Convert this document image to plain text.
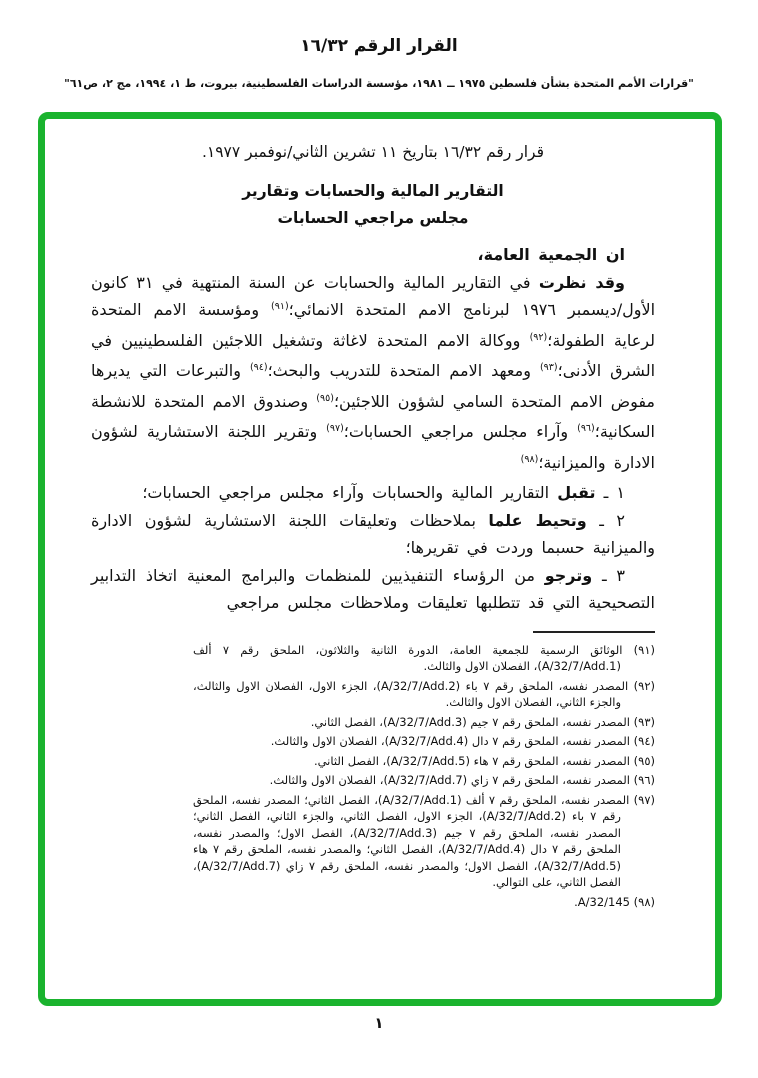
القرار الرقم ١٦/٣٢
"قرارات الأمم المتحدة بشأن فلسطين ١٩٧٥ ــ ١٩٨١، مؤسسة الدراسات الفلسطينية، بيروت، ط ١، ١٩٩٤، مج ٢، ص٦١"
قرار رقم ١٦/٣٢ بتاريخ ١١ تشرين الثاني/نوفمبر ١٩٧٧.
التقارير المالية والحسابات وتقارير
مجلس مراجعي الحسابات

ان الجمعية العامة،

وقد نظرت في التقارير المالية والحسابات عن السنة المنتهية في ٣١ كانون الأول/ديسمبر ١٩٧٦ لبرنامج الامم المتحدة الانمائي؛$^{(٩١)}$ ومؤسسة الامم المتحدة لرعاية الطفولة؛$^{(٩٢)}$ ووكالة الامم المتحدة لاغاثة وتشغيل اللاجئين الفلسطينيين في الشرق الأدنى؛$^{(٩٣)}$ ومعهد الامم المتحدة للتدريب والبحث؛$^{(٩٤)}$ والتبرعات التي يديرها مفوض الامم المتحدة السامي لشؤون اللاجئين؛$^{(٩٥)}$ وصندوق الامم المتحدة للانشطة السكانية؛$^{(٩٦)}$ وآراء مجلس مراجعي الحسابات؛$^{(٩٧)}$ وتقرير اللجنة الاستشارية لشؤون الادارة والميزانية؛$^{(٩٨)}$

١ ـ تقبل التقارير المالية والحسابات وآراء مجلس مراجعي الحسابات؛

٢ ـ وتحيط علما بملاحظات وتعليقات اللجنة الاستشارية لشؤون الادارة والميزانية حسبما وردت في تقريرها؛

٣ ـ وترجو من الرؤساء التنفيذيين للمنظمات والبرامج المعنية اتخاذ التدابير التصحيحية التي قد تتطلبها تعليقات وملاحظات مجلس مراجعي

(٩١) الوثائق الرسمية للجمعية العامة، الدورة الثانية والثلاثون، الملحق رقم ٧ ألف (A/32/7/Add.1)، الفصلان الاول والثالث.
(٩٢) المصدر نفسه، الملحق رقم ٧ باء (A/32/7/Add.2)، الجزء الاول، الفصلان الاول والثالث، والجزء الثاني، الفصلان الاول والثالث.
(٩٣) المصدر نفسه، الملحق رقم ٧ جيم (A/32/7/Add.3)، الفصل الثاني.
(٩٤) المصدر نفسه، الملحق رقم ٧ دال (A/32/7/Add.4)، الفصلان الاول والثالث.
(٩٥) المصدر نفسه، الملحق رقم ٧ هاء (A/32/7/Add.5)، الفصل الثاني.
(٩٦) المصدر نفسه، الملحق رقم ٧ زاي (A/32/7/Add.7)، الفصلان الاول والثالث.
(٩٧) المصدر نفسه، الملحق رقم ٧ ألف (A/32/7/Add.1)، الفصل الثاني؛ المصدر نفسه، الملحق رقم ٧ باء (A/32/7/Add.2)، الجزء الاول، الفصل الثاني، والجزء الثاني، الفصل الثاني؛ المصدر نفسه، الملحق رقم ٧ جيم (A/32/7/Add.3)، الفصل الاول؛ والمصدر نفسه، الملحق رقم ٧ دال (A/32/7/Add.4)، الفصل الثاني؛ والمصدر نفسه، الملحق رقم ٧ هاء (A/32/7/Add.5)، الفصل الاول؛ والمصدر نفسه، الملحق رقم ٧ زاي (A/32/7/Add.7)، الفصل الثاني، على التوالي.
(٩٨) A/32/145.
١
